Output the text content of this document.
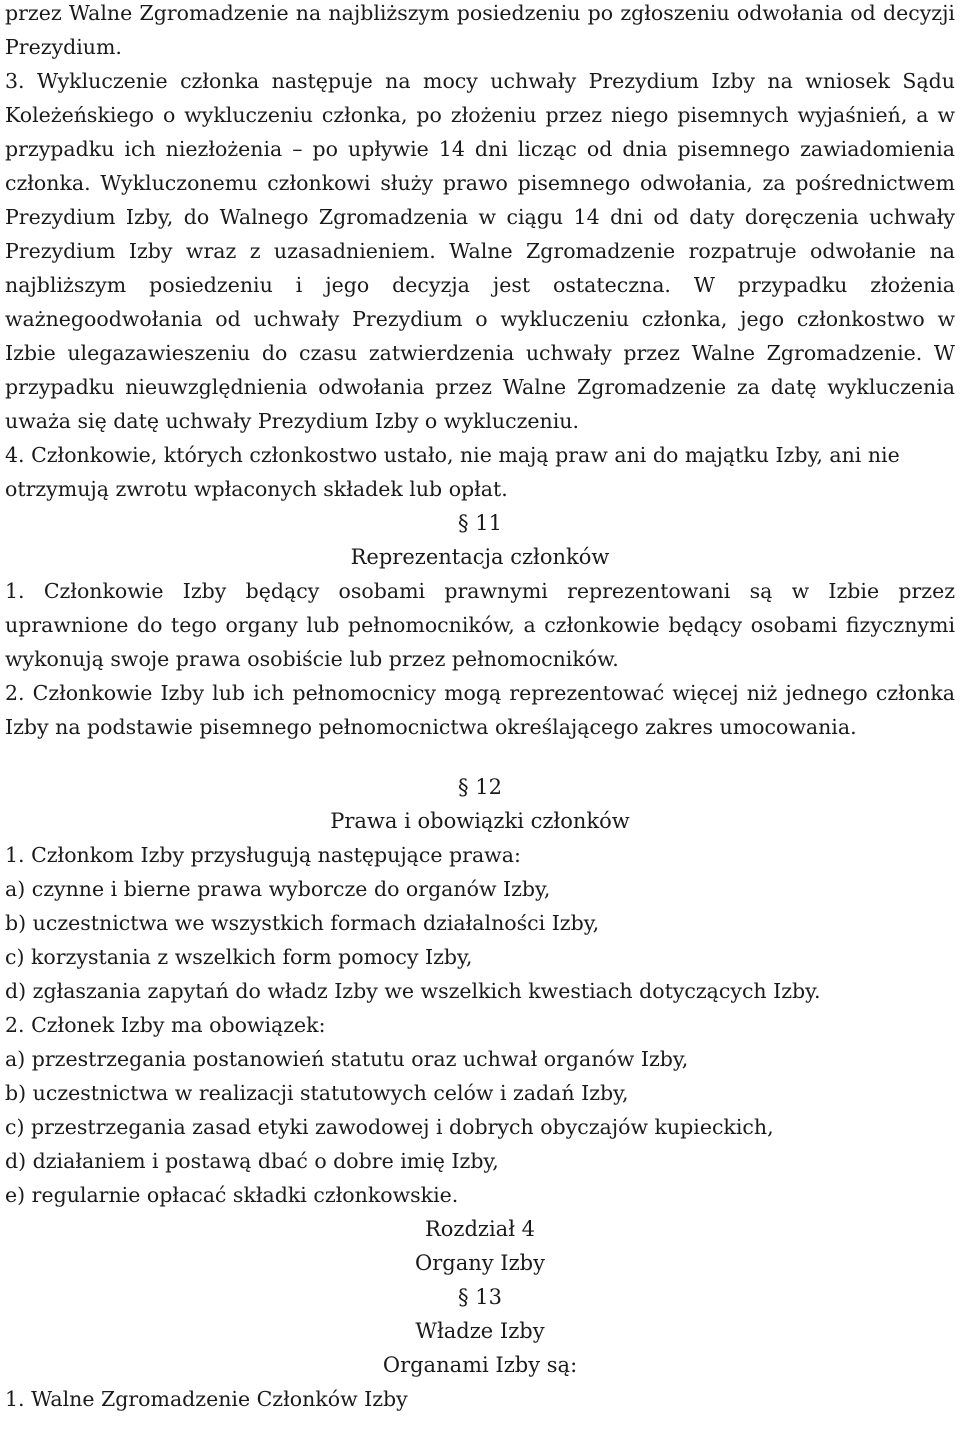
przez Walne Zgromadzenie na najbliższym posiedzeniu po zgłoszeniu odwołania od decyzji Prezydium.

3. Wykluczenie członka następuje na mocy uchwały Prezydium Izby na wniosek Sądu Koleżeńskiego o wykluczeniu członka, po złożeniu przez niego pisemnych wyjaśnień, a w przypadku ich niezłożenia – po upływie 14 dni licząc od dnia pisemnego zawiadomienia członka. Wykluczonemu członkowi służy prawo pisemnego odwołania, za pośrednictwem Prezydium Izby, do Walnego Zgromadzenia w ciągu 14 dni od daty doręczenia uchwały Prezydium Izby wraz z uzasadnieniem. Walne Zgromadzenie rozpatruje odwołanie na najbliższym posiedzeniu i jego decyzja jest ostateczna. W przypadku złożenia ważnegoodwołania od uchwały Prezydium o wykluczeniu członka, jego członkostwo w Izbie ulegazawieszeniu do czasu zatwierdzenia uchwały przez Walne Zgromadzenie. W przypadku nieuwzględnienia odwołania przez Walne Zgromadzenie za datę wykluczenia uważa się datę uchwały Prezydium Izby o wykluczeniu.

4. Członkowie, których członkostwo ustało, nie mają praw ani do majątku Izby, ani nie otrzymują zwrotu wpłaconych składek lub opłat.

§ 11
Reprezentacja członków

1. Członkowie Izby będący osobami prawnymi reprezentowani są w Izbie przez uprawnione do tego organy lub pełnomocników, a członkowie będący osobami fizycznymi wykonują swoje prawa osobiście lub przez pełnomocników.

2. Członkowie Izby lub ich pełnomocnicy mogą reprezentować więcej niż jednego członka Izby na podstawie pisemnego pełnomocnictwa określającego zakres umocowania.

§ 12
Prawa i obowiązki członków
1. Członkom Izby przysługują następujące prawa:
a) czynne i bierne prawa wyborcze do organów Izby,
b) uczestnictwa we wszystkich formach działalności Izby,
c) korzystania z wszelkich form pomocy Izby,
d) zgłaszania zapytań do władz Izby we wszelkich kwestiach dotyczących Izby.
2. Członek Izby ma obowiązek:
a) przestrzegania postanowień statutu oraz uchwał organów Izby,
b) uczestnictwa w realizacji statutowych celów i zadań Izby,
c) przestrzegania zasad etyki zawodowej i dobrych obyczajów kupieckich,
d) działaniem i postawą dbać o dobre imię Izby,
e) regularnie opłacać składki członkowskie.
Rozdział 4
Organy Izby
§ 13
Władze Izby
Organami Izby są:
1. Walne Zgromadzenie Członków Izby
